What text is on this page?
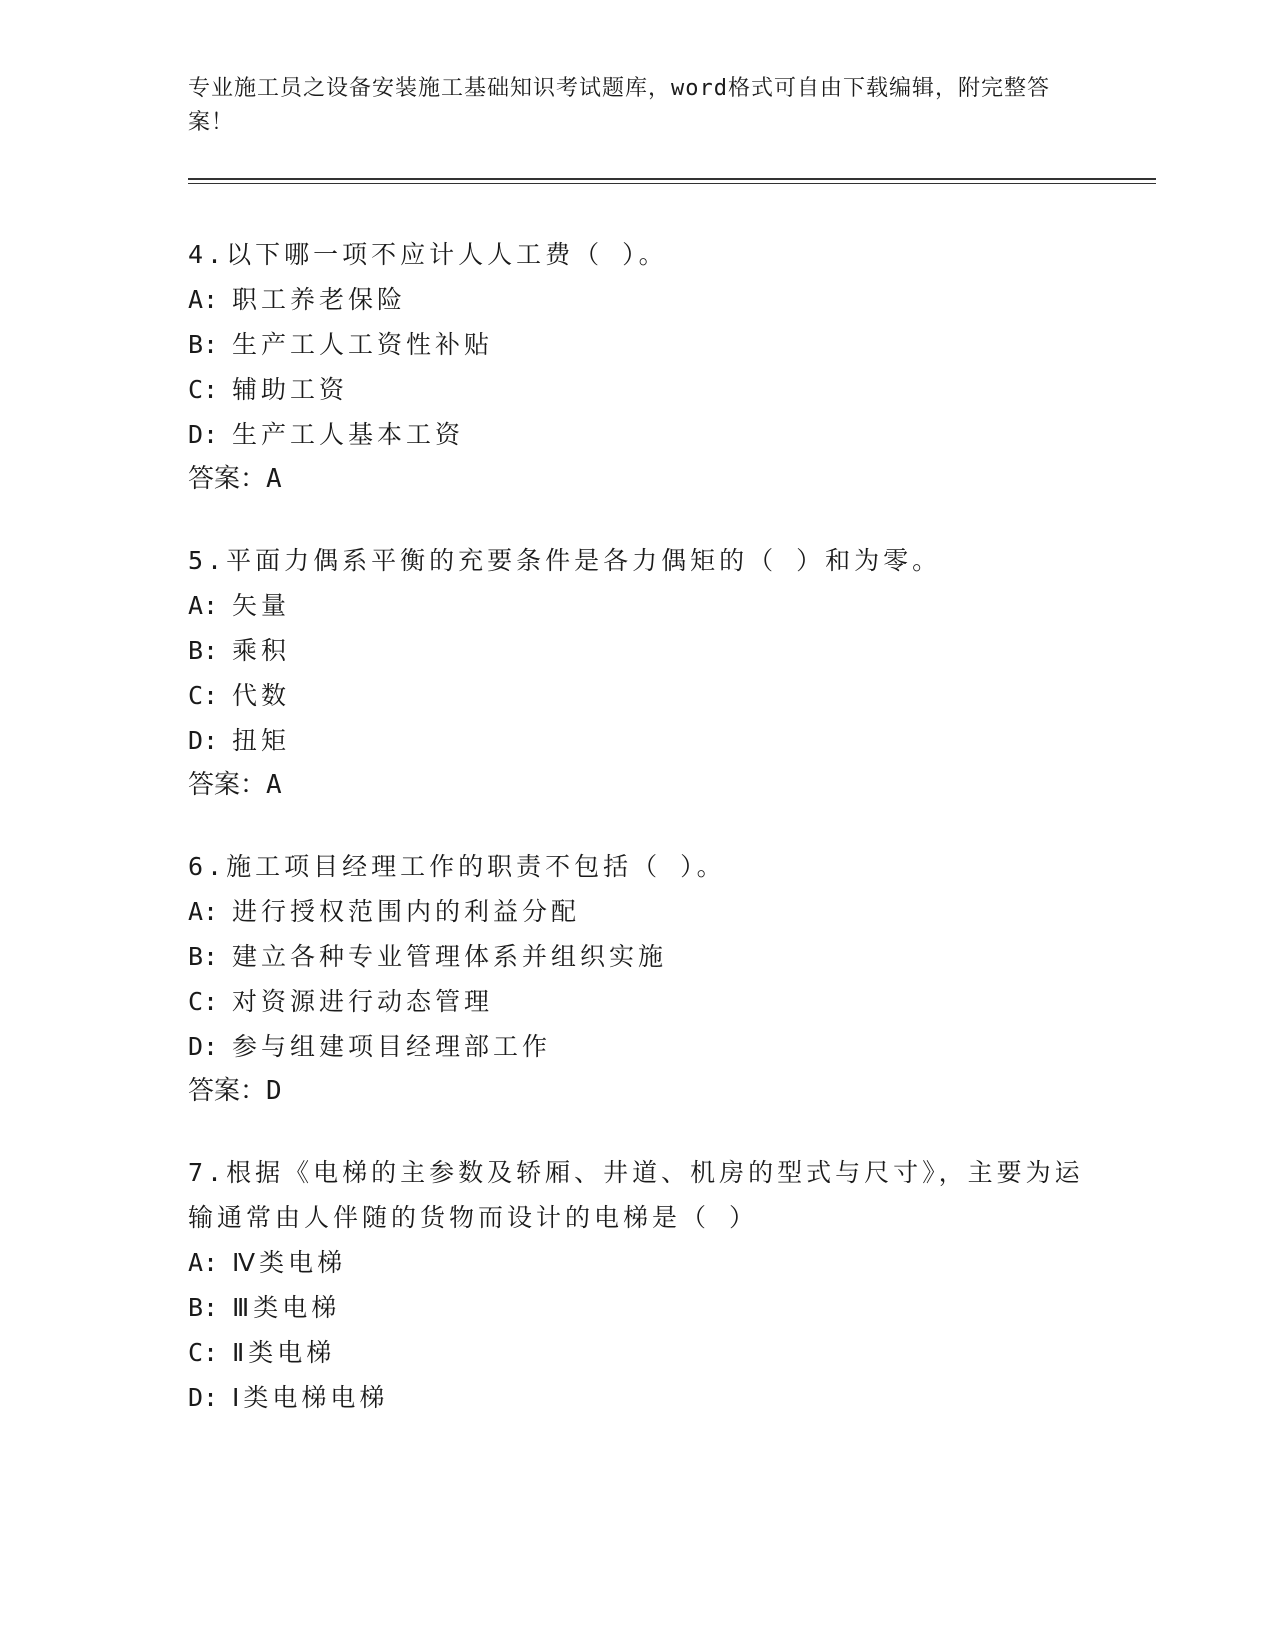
专业施工员之设备安装施工基础知识考试题库，word格式可自由下载编辑，附完整答案！

4.以下哪一项不应计人人工费（ ）。

A: 职工养老保险

B: 生产工人工资性补贴

C: 辅助工资

D: 生产工人基本工资

答案：A

5.平面力偶系平衡的充要条件是各力偶矩的（ ）和为零。

A: 矢量

B: 乘积

C: 代数

D: 扭矩

答案：A

6.施工项目经理工作的职责不包括（ ）。

A: 进行授权范围内的利益分配

B: 建立各种专业管理体系并组织实施

C: 对资源进行动态管理

D: 参与组建项目经理部工作

答案：D

7.根据《电梯的主参数及轿厢、井道、机房的型式与尺寸》，主要为运输通常由人伴随的货物而设计的电梯是（ ）

A: Ⅳ类电梯

B: Ⅲ类电梯

C: Ⅱ类电梯

D: Ⅰ类电梯电梯
